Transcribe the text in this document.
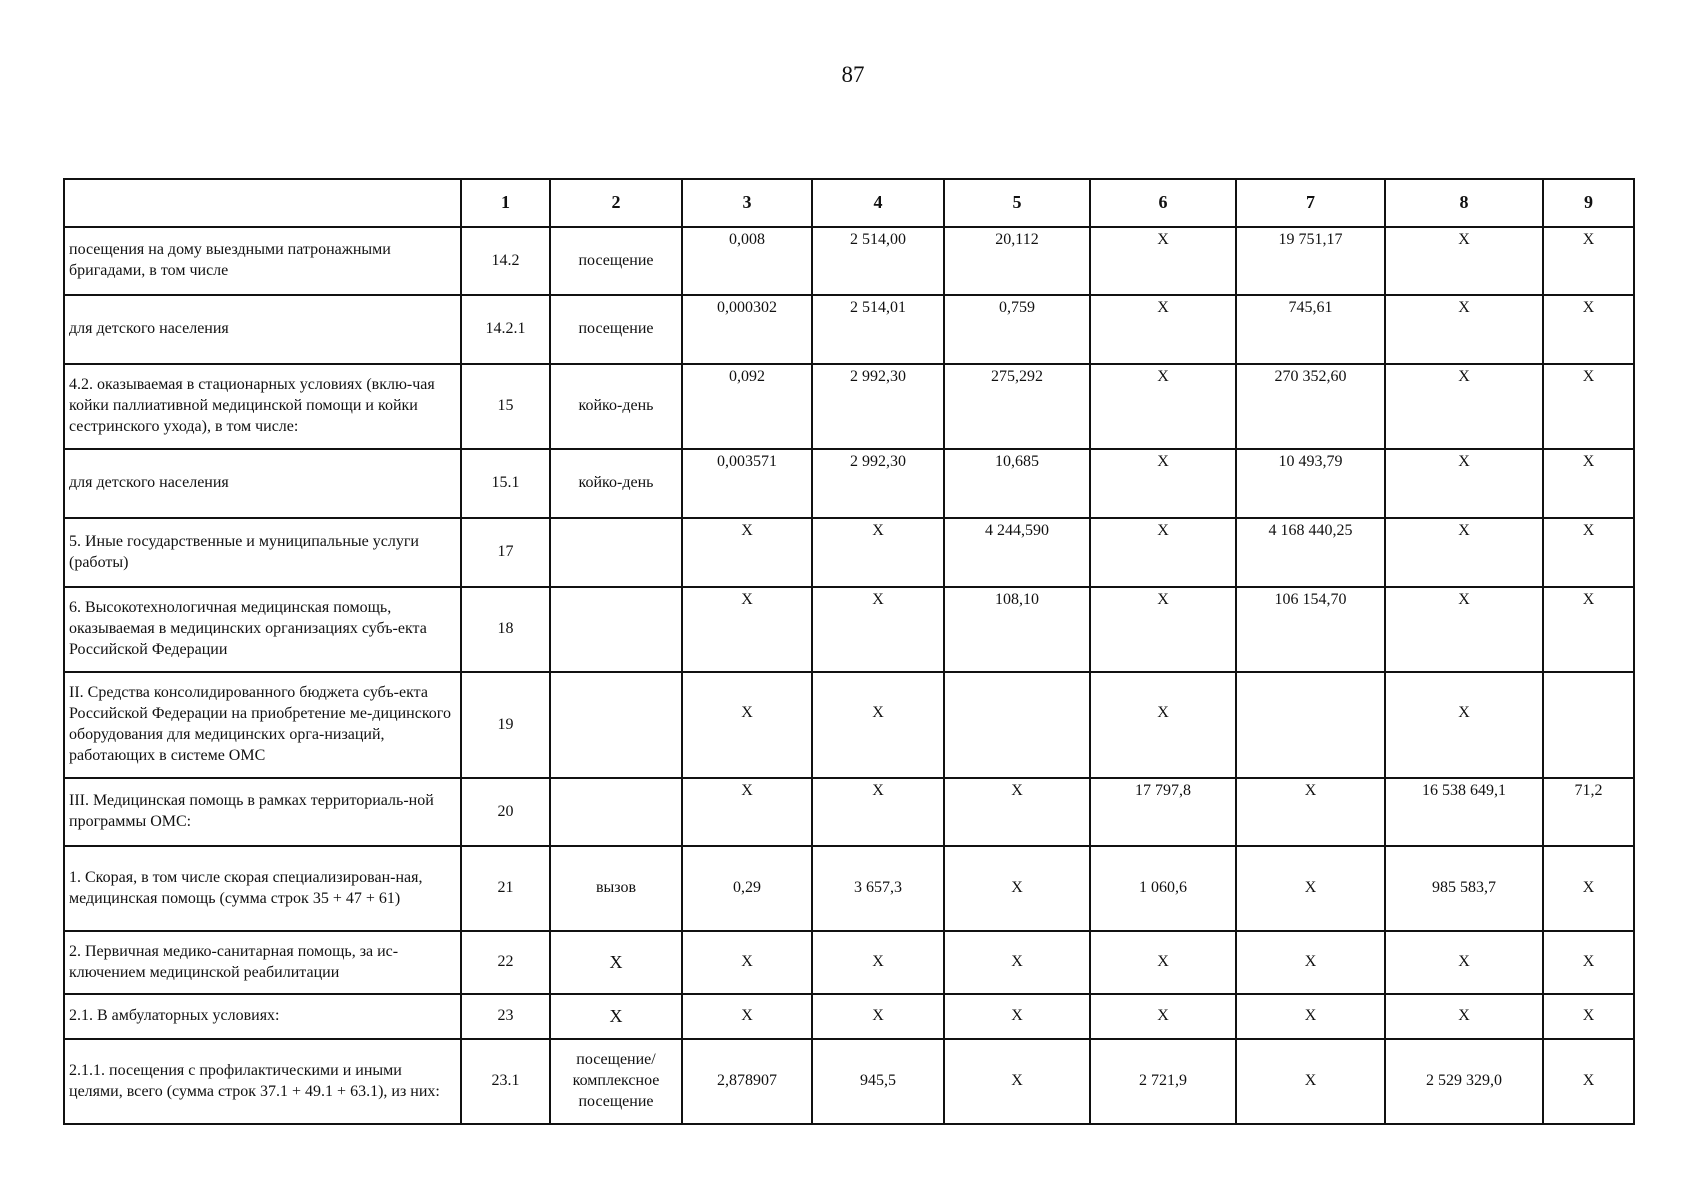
87
	1	2	3	4	5	6	7	8	9
посещения на дому выездными патронажными бригадами, в том числе	14.2	посещение	0,008	2 514,00	20,112	X	19 751,17	X	X
для детского населения	14.2.1	посещение	0,000302	2 514,01	0,759	X	745,61	X	X
4.2. оказываемая в стационарных условиях (вклю-чая койки паллиативной медицинской помощи и койки сестринского ухода), в том числе:	15	койко-день	0,092	2 992,30	275,292	X	270 352,60	X	X
для детского населения	15.1	койко-день	0,003571	2 992,30	10,685	X	10 493,79	X	X
5. Иные государственные и муниципальные услуги (работы)	17		X	X	4 244,590	X	4 168 440,25	X	X
6. Высокотехнологичная медицинская помощь, оказываемая в медицинских организациях субъ-екта Российской Федерации	18		X	X	108,10	X	106 154,70	X	X
II. Средства консолидированного бюджета субъ-екта Российской Федерации на приобретение ме-дицинского оборудования для медицинских орга-низаций, работающих в системе ОМС	19		X	X		X		X	
III. Медицинская помощь в рамках территориаль-ной программы ОМС:	20		X	X	X	17 797,8	X	16 538 649,1	71,2
1. Скорая, в том числе скорая специализирован-ная, медицинская помощь (сумма строк 35 + 47 + 61)	21	вызов	0,29	3 657,3	X	1 060,6	X	985 583,7	X
2. Первичная медико-санитарная помощь, за ис-ключением медицинской реабилитации	22	X	X	X	X	X	X	X	X
2.1. В амбулаторных условиях:	23	X	X	X	X	X	X	X	X
2.1.1. посещения с профилактическими и иными целями, всего (сумма строк 37.1 + 49.1 + 63.1), из них:	23.1	посещение/ комплексное посещение	2,878907	945,5	X	2 721,9	X	2 529 329,0	X
